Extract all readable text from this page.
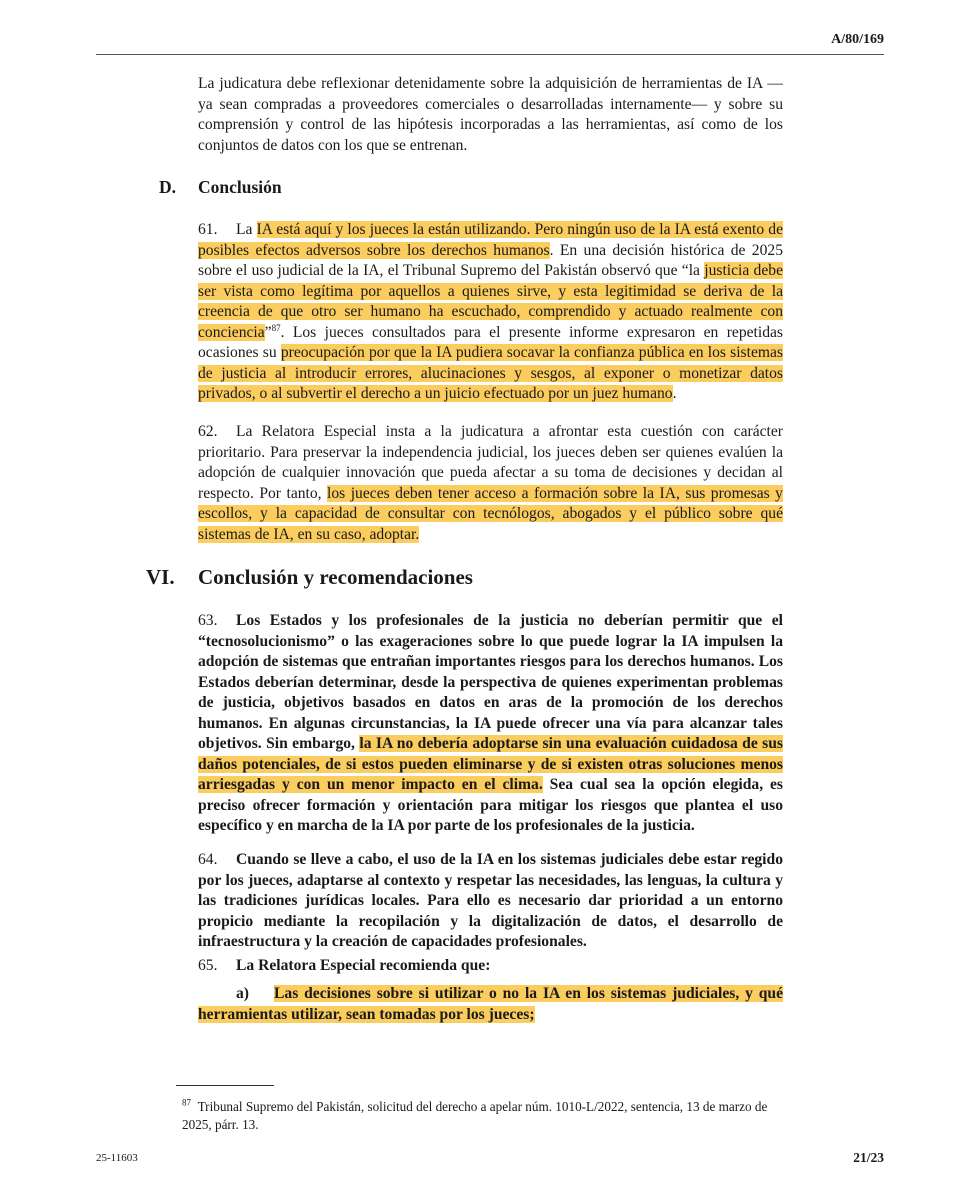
A/80/169

La judicatura debe reflexionar detenidamente sobre la adquisición de herramientas de IA —ya sean compradas a proveedores comerciales o desarrolladas internamente— y sobre su comprensión y control de las hipótesis incorporadas a las herramientas, así como de los conjuntos de datos con los que se entrenan.

D. Conclusión

61. La IA está aquí y los jueces la están utilizando. Pero ningún uso de la IA está exento de posibles efectos adversos sobre los derechos humanos. En una decisión histórica de 2025 sobre el uso judicial de la IA, el Tribunal Supremo del Pakistán observó que “la justicia debe ser vista como legítima por aquellos a quienes sirve, y esta legitimidad se deriva de la creencia de que otro ser humano ha escuchado, comprendido y actuado realmente con conciencia”$^{87}$. Los jueces consultados para el presente informe expresaron en repetidas ocasiones su preocupación por que la IA pudiera socavar la confianza pública en los sistemas de justicia al introducir errores, alucinaciones y sesgos, al exponer o monetizar datos privados, o al subvertir el derecho a un juicio efectuado por un juez humano.

62. La Relatora Especial insta a la judicatura a afrontar esta cuestión con carácter prioritario. Para preservar la independencia judicial, los jueces deben ser quienes evalúen la adopción de cualquier innovación que pueda afectar a su toma de decisiones y decidan al respecto. Por tanto, los jueces deben tener acceso a formación sobre la IA, sus promesas y escollos, y la capacidad de consultar con tecnólogos, abogados y el público sobre qué sistemas de IA, en su caso, adoptar.

VI. Conclusión y recomendaciones

63. Los Estados y los profesionales de la justicia no deberían permitir que el “tecnosolucionismo” o las exageraciones sobre lo que puede lograr la IA impulsen la adopción de sistemas que entrañan importantes riesgos para los derechos humanos. Los Estados deberían determinar, desde la perspectiva de quienes experimentan problemas de justicia, objetivos basados en datos en aras de la promoción de los derechos humanos. En algunas circunstancias, la IA puede ofrecer una vía para alcanzar tales objetivos. Sin embargo, la IA no debería adoptarse sin una evaluación cuidadosa de sus daños potenciales, de si estos pueden eliminarse y de si existen otras soluciones menos arriesgadas y con un menor impacto en el clima. Sea cual sea la opción elegida, es preciso ofrecer formación y orientación para mitigar los riesgos que plantea el uso específico y en marcha de la IA por parte de los profesionales de la justicia.

64. Cuando se lleve a cabo, el uso de la IA en los sistemas judiciales debe estar regido por los jueces, adaptarse al contexto y respetar las necesidades, las lenguas, la cultura y las tradiciones jurídicas locales. Para ello es necesario dar prioridad a un entorno propicio mediante la recopilación y la digitalización de datos, el desarrollo de infraestructura y la creación de capacidades profesionales.

65. La Relatora Especial recomienda que:

a) Las decisiones sobre si utilizar o no la IA en los sistemas judiciales, y qué herramientas utilizar, sean tomadas por los jueces;

$^{87}$ Tribunal Supremo del Pakistán, solicitud del derecho a apelar núm. 1010-L/2022, sentencia, 13 de marzo de 2025, párr. 13.

25-11603	21/23
